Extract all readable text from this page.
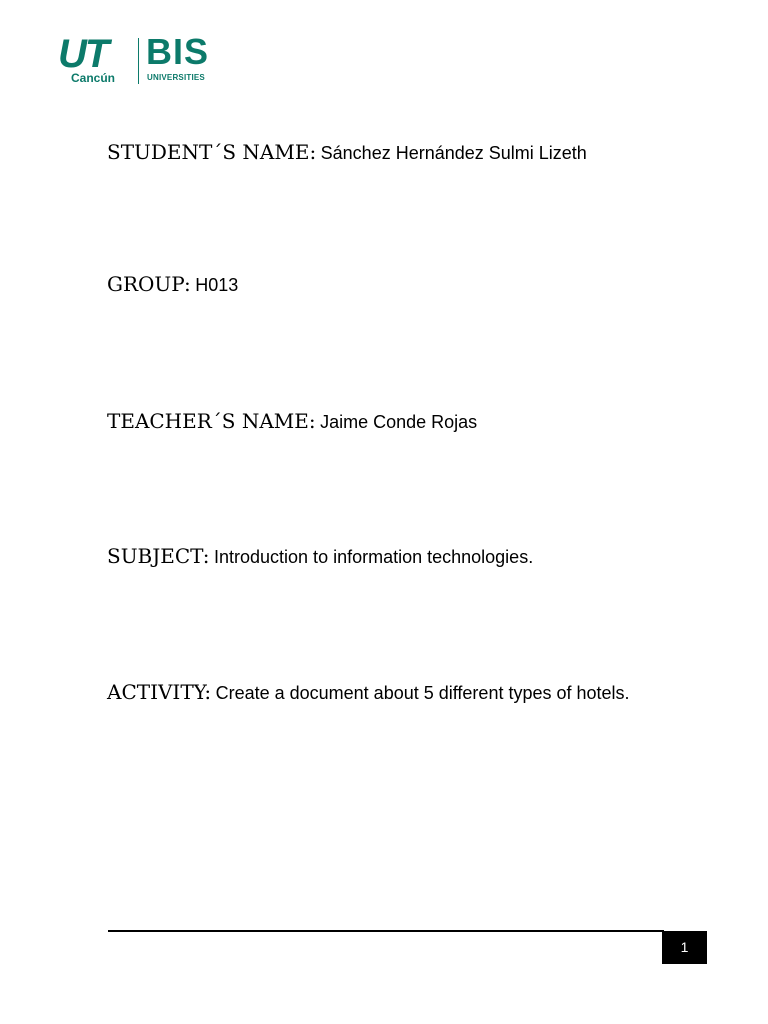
UT
Cancún
BIS
UNIVERSITIES
STUDENT´S NAME: Sánchez Hernández Sulmi Lizeth
GROUP: H013
TEACHER´S NAME: Jaime Conde Rojas
SUBJECT: Introduction to information technologies.
ACTIVITY: Create a document about 5 different types of hotels.
1
